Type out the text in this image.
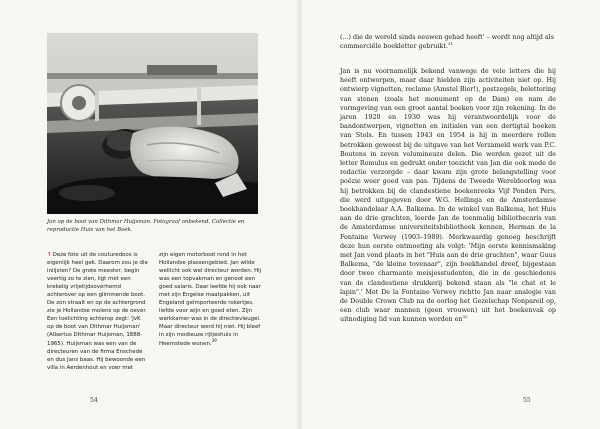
Jan op de boot van Dithmar Huijsman. Fotograaf onbekend. Collectie en reproductie Huis van het Boek.
↑Deze foto uit de couturedoos is eigenlijk heel gek. Daarom zou je die inlijsten? De grote meester, begin veertig zo te zien, ligt met een krekelig vrijetijdsoverhemd achterover op een glimmende boot. De zon straalt en op de achtergrond zie je Hollandse molens op de oever. Een toelichting achterop zegt: 'JvK op de boot van Dithmar Huijsman' (Albertus Dithmar Huijsman, 1888-1965). Huijsman was een van de directeuren van de firma Enschedé en dus Jans baas. Hij bewoonde een villa in Aerdenhout en voer met
zijn eigen motorboot rond in het Hollandse plassengebied. Jan wilde wellicht ook wel directeur worden. Hij was een topvakman en genoot een goed salaris. Daar leefde hij ook naar met zijn Engelse maatpakken, uit Engeland geïmporteerde rokertjes, liefde voor wijn en goed eten. Zijn werkkamer was in de directievleugel. Maar directeur werd hij niet. Hij bleef in zijn modieuze rijtjeshuis in Heemstede wonen.$^{39}$
54
(...) die de wereld sinds eeuwen gehad heeft' – wordt nog altijd als commerciële boekletter gebruikt.$^{31}$
Jan is nu voornamelijk bekend vanwege de vele letters die hij heeft ontworpen, maar daar hielden zijn activiteiten niet op. Hij ontwierp vignetten, reclame (Amstel Bier!), postzegels, belettering van stenen (zoals het monument op de Dam) en nam de vormgeving van een groot aantal boeken voor zijn rekening. In de jaren 1920 en 1930 was hij verantwoordelijk voor de bandontwerpen, vignetten en initialen van een dertigtal boeken van Stols. En tussen 1943 en 1954 is hij in meerdere rollen betrokken geweest bij de uitgave van het Verzameld werk van P.C. Boutens in zeven volumineuze delen. Die werden gezet uit de letter Romulus en gedrukt onder toezicht van Jan die ook mede de redactie verzorgde – daar kwam zijn grote belangstelling voor poëzie weer goed van pas. Tijdens de Tweede Wereldoorlog was hij betrokken bij de clandestiene boekenreeks Vijf Ponden Pers, die werd uitgegeven door W.G. Hellinga en de Amsterdamse boekhandelaar A.A. Balkema. In de winkel van Balkema, het Huis aan de drie grachten, leerde Jan de toenmalig bibliothecaris van de Amsterdamse universiteitsbibliotheek kennen, Herman de la Fontaine Verwey (1903–1989). Merkwaardig genoeg beschrijft deze hun eerste ontmoeting als volgt: 'Mijn eerste kennismaking met Jan vond plaats in het "Huis aan de drie grachten", waar Guus Balkema, "de kleine tovenaar", zijn boekhandel dreef, bijgestaan door twee charmante meisjesstudenten, die in de geschiedenis van de clandestiene drukkerij bekend staan als "le chat et le lapin".' Met De la Fontaine Verwey richtte Jan naar analogie van de Double Crown Club na de oorlog het Gezelschap Nonpareil op, een club waar mannen (geen vrouwen) uit het boekenvak op uitnodiging lid van kunnen worden $en^{32}$
55
